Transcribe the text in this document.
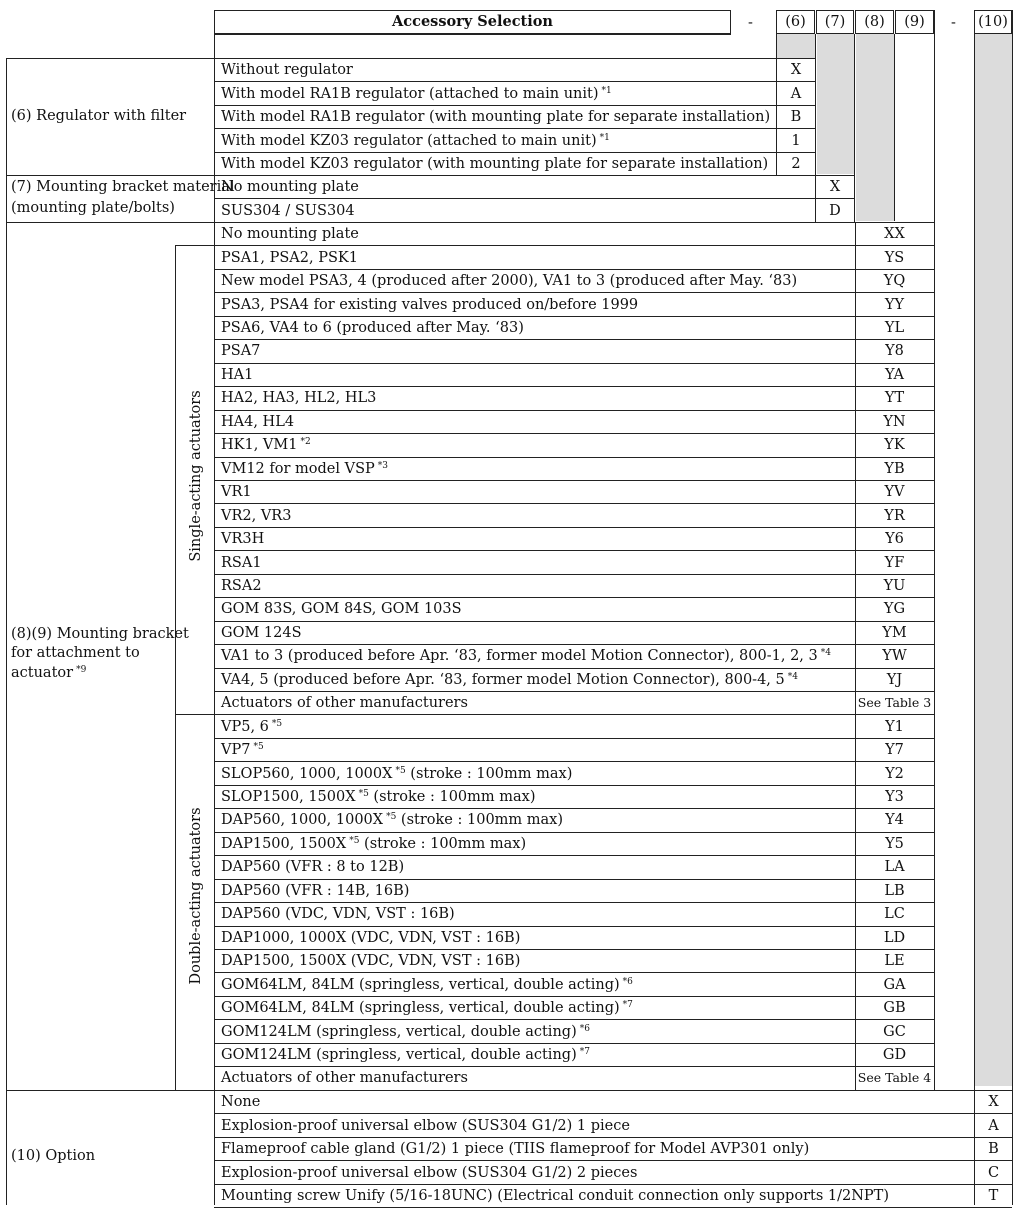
Accessory Selection	-	(6)	(7)	(8)	(9)	- (10)
Without regulator	X
With model RA1B regulator (attached to main unit) $^{*1}$	A
With model RA1B regulator (with mounting plate for separate installation)	B
With model KZ03 regulator (attached to main unit) $^{*1}$	1
With model KZ03 regulator (with mounting plate for separate installation)	2
(6) Regulator with filter
No mounting plate	X
SUS304 / SUS304	D
(7) Mounting bracket material
(mounting plate/bolts)
No mounting plate	XX
PSA1, PSA2, PSK1	YS
New model PSA3, 4 (produced after 2000), VA1 to 3 (produced after May. ‘83)	YQ
PSA3, PSA4 for existing valves produced on/before 1999	YY
PSA6, VA4 to 6 (produced after May. ‘83)	YL
PSA7	Y8
HA1	YA
HA2, HA3, HL2, HL3	YT
HA4, HL4	YN
HK1, VM1 $^{*2}$	YK
VM12 for model VSP $^{*3}$	YB
VR1	YV
VR2, VR3	YR
VR3H	Y6
RSA1	YF
RSA2	YU
GOM 83S, GOM 84S, GOM 103S	YG
GOM 124S	YM
VA1 to 3 (produced before Apr. ‘83, former model Motion Connector), 800-1, 2, 3 $^{*4}$	YW
VA4, 5 (produced before Apr. ‘83, former model Motion Connector), 800-4, 5 $^{*4}$	YJ
Actuators of other manufacturers	See Table 3
VP5, 6 $^{*5}$	Y1
VP7 $^{*5}$	Y7
SLOP560, 1000, 1000X $^{*5}$ (stroke : 100mm max)	Y2
SLOP1500, 1500X $^{*5}$ (stroke : 100mm max)	Y3
DAP560, 1000, 1000X $^{*5}$ (stroke : 100mm max)	Y4
DAP1500, 1500X $^{*5}$ (stroke : 100mm max)	Y5
DAP560 (VFR : 8 to 12B)	LA
DAP560 (VFR : 14B, 16B)	LB
DAP560 (VDC, VDN, VST : 16B)	LC
DAP1000, 1000X (VDC, VDN, VST : 16B)	LD
DAP1500, 1500X (VDC, VDN, VST : 16B)	LE
GOM64LM, 84LM (springless, vertical, double acting) $^{*6}$	GA
GOM64LM, 84LM (springless, vertical, double acting) $^{*7}$	GB
GOM124LM (springless, vertical, double acting) $^{*6}$	GC
GOM124LM (springless, vertical, double acting) $^{*7}$	GD
Actuators of other manufacturers	See Table 4
(8)(9) Mounting bracket
for attachment to
actuator $^{*9}$
Single-acting actuators
Double-acting actuators
None	X
Explosion-proof universal elbow (SUS304 G1/2) 1 piece	A
Flameproof cable gland (G1/2) 1 piece (TIIS flameproof for Model AVP301 only)	B
Explosion-proof universal elbow (SUS304 G1/2) 2 pieces	C
Mounting screw Unify (5/16-18UNC) (Electrical conduit connection only supports 1/2NPT)	T
(10) Option
